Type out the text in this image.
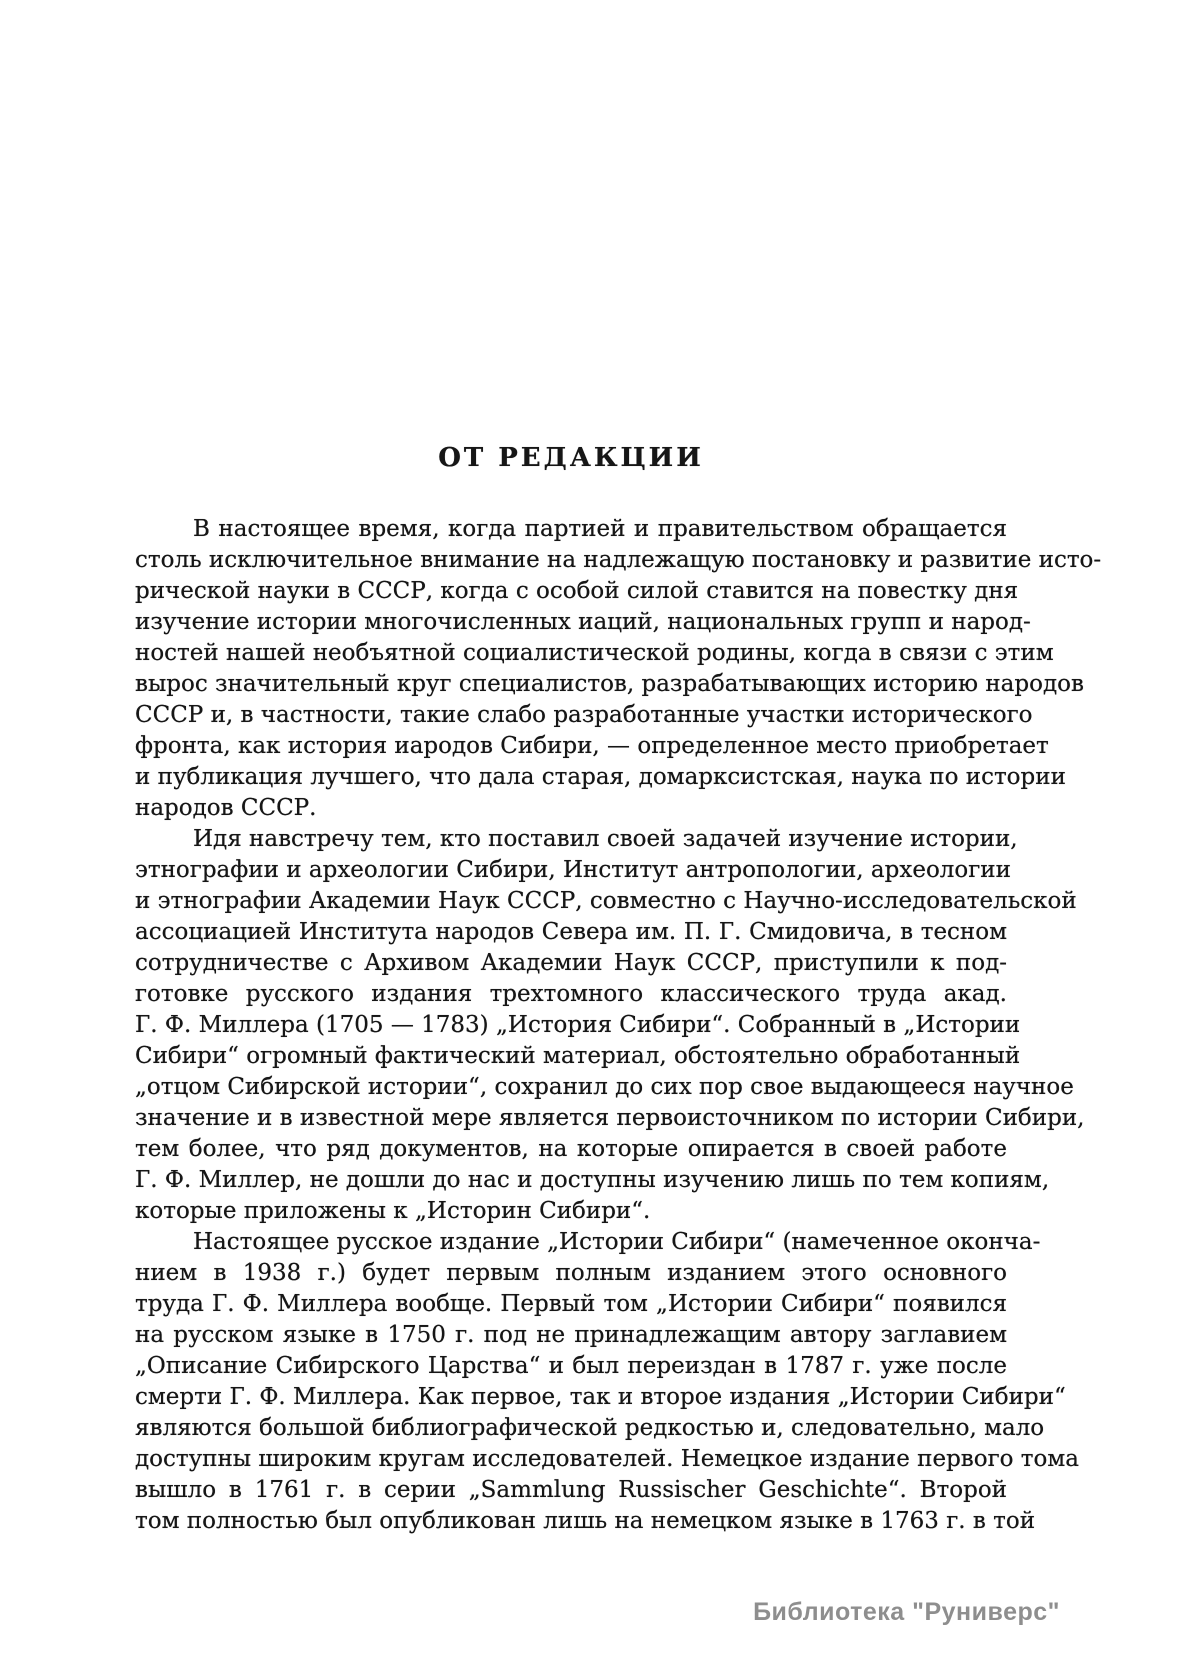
ОТ РЕДАКЦИИ
В настоящее время, когда партией и правительством обращается
столь исключительное внимание на надлежащую постановку и развитие исто-
рической науки в СССР, когда с особой силой ставится на повестку дня
изучение истории многочисленных иаций, национальных групп и народ-
ностей нашей необъятной социалистической родины, когда в связи с этим
вырос значительный круг специалистов, разрабатывающих историю народов
СССР и, в частности, такие слабо разработанные участки исторического
фронта, как история иародов Сибири, — определенное место приобретает
и публикация лучшего, что дала старая, домарксистская, наука по истории
народов СССР.
Идя навстречу тем, кто поставил своей задачей изучение истории,
этнографии и археологии Сибири, Институт антропологии, археологии
и этнографии Академии Наук СССР, совместно с Научно-исследовательской
ассоциацией Института народов Севера им. П. Г. Смидовича, в тесном
сотрудничестве с Архивом Академии Наук СССР, приступили к под-
готовке русского издания трехтомного классического труда акад.
Г. Ф. Миллера (1705 — 1783) „История Сибири“. Собранный в „Истории
Сибири“ огромный фактический материал, обстоятельно обработанный
„отцом Сибирской истории“, сохранил до сих пор свое выдающееся научное
значение и в известной мере является первоисточником по истории Сибири,
тем более, что ряд документов, на которые опирается в своей работе
Г. Ф. Миллер, не дошли до нас и доступны изучению лишь по тем копиям,
которые приложены к „Историн Сибири“.
Настоящее русское издание „Истории Сибири“ (намеченное оконча-
нием в 1938 г.) будет первым полным изданием этого основного
труда Г. Ф. Миллера вообще. Первый том „Истории Сибири“ появился
на русском языке в 1750 г. под не принадлежащим автору заглавием
„Описание Сибирского Царства“ и был переиздан в 1787 г. уже после
смерти Г. Ф. Миллера. Как первое, так и второе издания „Истории Сибири“
являются большой библиографической редкостью и, следовательно, мало
доступны широким кругам исследователей. Немецкое издание первого тома
вышло в 1761 г. в серии „Sammlung Russischer Geschichte“. Второй
том полностью был опубликован лишь на немецком языке в 1763 г. в той
Библиотека "Руниверс"
